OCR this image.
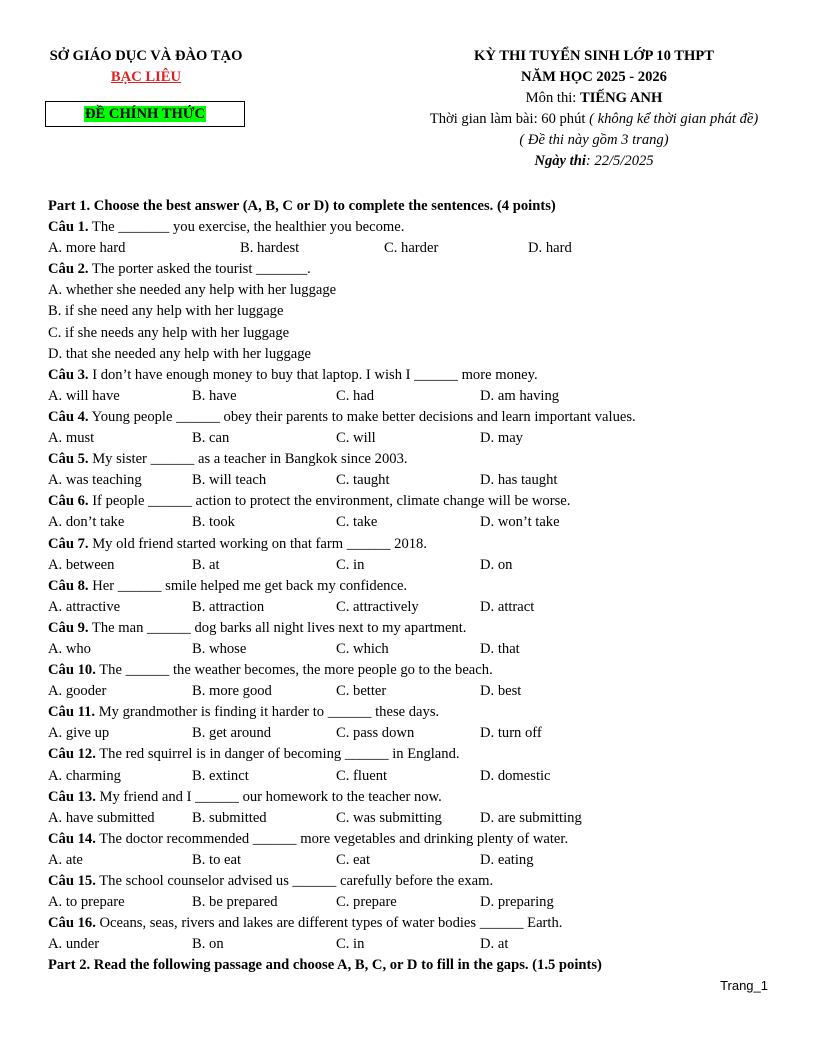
SỞ GIÁO DỤC VÀ ĐÀO TẠO
BẠC LIÊU
ĐỀ CHÍNH THỨC
KỲ THI TUYỂN SINH LỚP 10 THPT
NĂM HỌC 2025 - 2026
Môn thi: TIẾNG ANH
Thời gian làm bài: 60 phút ( không kể thời gian phát đề)
( Đề thi này gồm 3 trang)
Ngày thi: 22/5/2025
Part 1. Choose the best answer (A, B, C or D) to complete the sentences. (4 points)
Câu 1. The _______ you exercise, the healthier you become.
A. more hard	B. hardest	C. harder	D. hard
Câu 2. The porter asked the tourist _______.
A. whether she needed any help with her luggage
B. if she need any help with her luggage
C. if she needs any help with her luggage
D. that she needed any help with her luggage
Câu 3. I don’t have enough money to buy that laptop. I wish I ______ more money.
A. will have	B. have	C. had	D. am having
Câu 4. Young people ______ obey their parents to make better decisions and learn important values.
A. must	B. can	C. will	D. may
Câu 5. My sister ______ as a teacher in Bangkok since 2003.
A. was teaching	B. will teach	C. taught	D. has taught
Câu 6. If people ______ action to protect the environment, climate change will be worse.
A. don’t take	B. took	C. take	D. won’t take
Câu 7. My old friend started working on that farm ______ 2018.
A. between	B. at	C. in	D. on
Câu 8. Her ______ smile helped me get back my confidence.
A. attractive	B. attraction	C. attractively	D. attract
Câu 9. The man ______ dog barks all night lives next to my apartment.
A. who	B. whose	C. which	D. that
Câu 10. The ______ the weather becomes, the more people go to the beach.
A. gooder	B. more good	C. better	D. best
Câu 11. My grandmother is finding it harder to ______ these days.
A. give up	B. get around	C. pass down	D. turn off
Câu 12. The red squirrel is in danger of becoming ______ in England.
A. charming	B. extinct	C. fluent	D. domestic
Câu 13. My friend and I ______ our homework to the teacher now.
A. have submitted	B. submitted	C. was submitting	D. are submitting
Câu 14. The doctor recommended ______ more vegetables and drinking plenty of water.
A. ate	B. to eat	C. eat	D. eating
Câu 15. The school counselor advised us ______ carefully before the exam.
A. to prepare	B. be prepared	C. prepare	D. preparing
Câu 16. Oceans, seas, rivers and lakes are different types of water bodies ______ Earth.
A. under	B. on	C. in	D. at
Part 2. Read the following passage and choose A, B, C, or D to fill in the gaps. (1.5 points)
Trang_1
